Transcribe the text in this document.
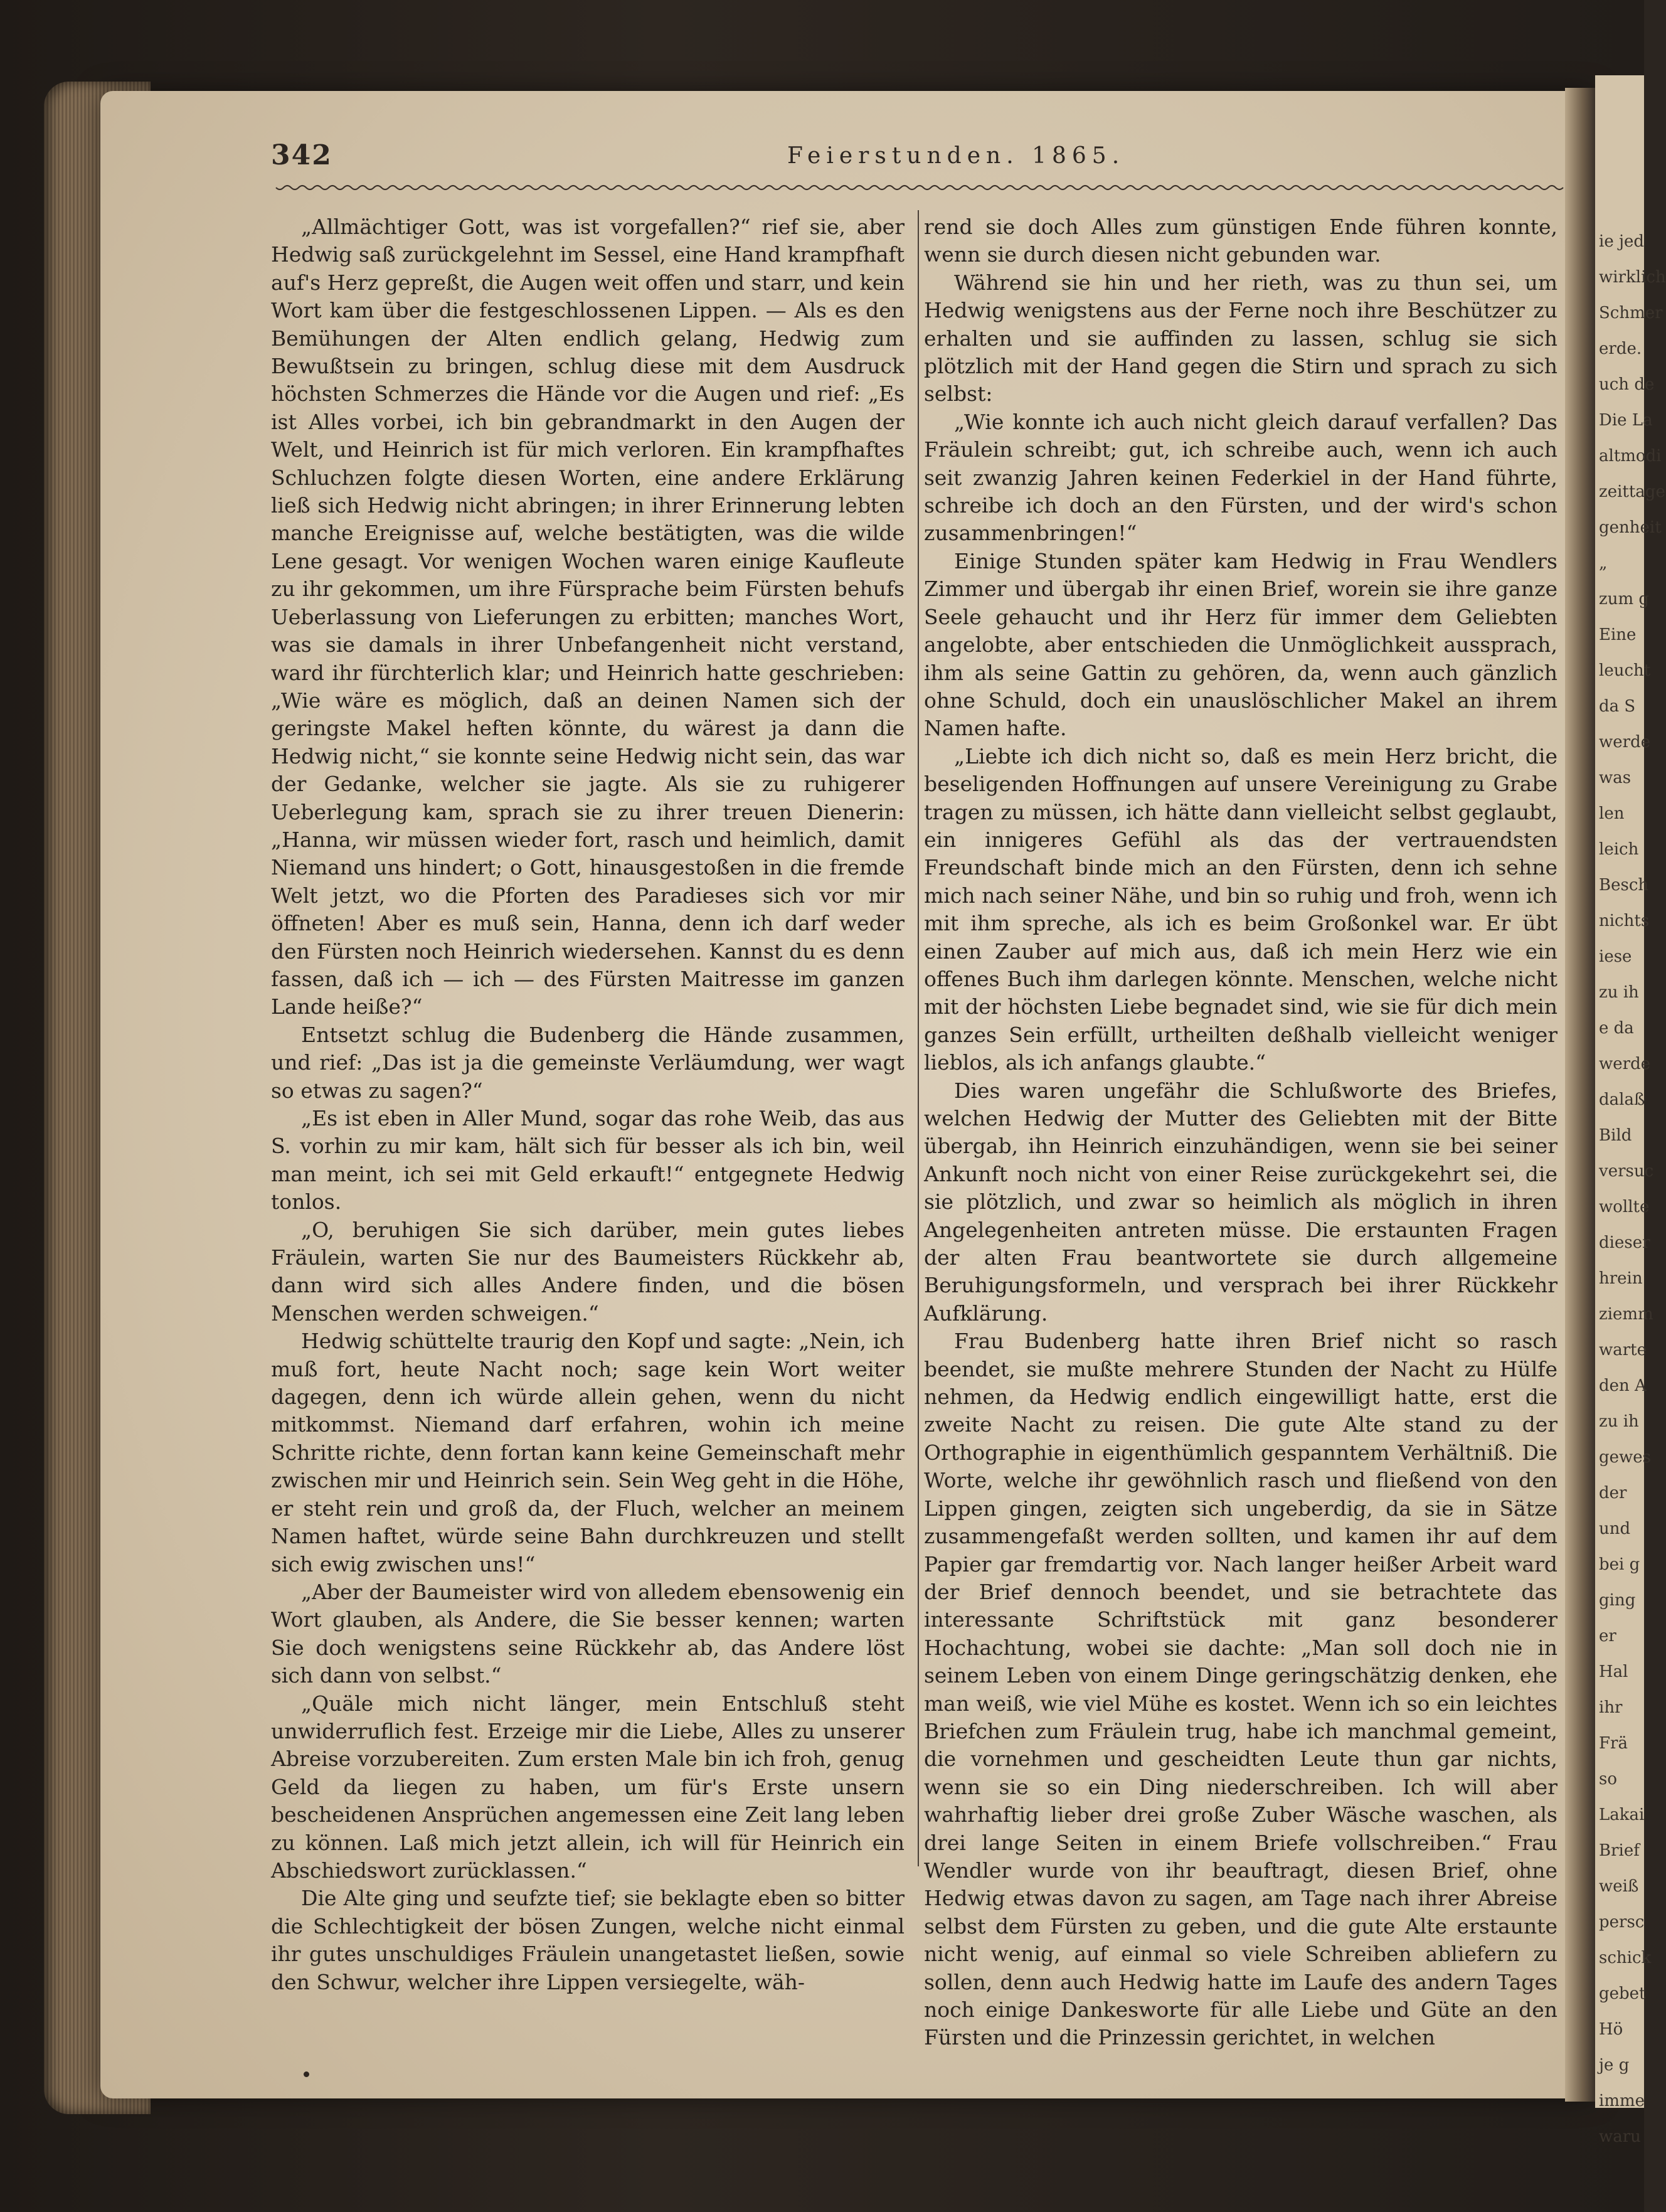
ie jed
wirklich
Schmer
erde.
uch de
Die La
altmodi
zeittage
genheit
„
zum g
Eine
leucht
da S
werde
was
len
leich
Besch
nichts
iese
zu ih
e da
werde
dalaß
Bild
versuc
wollte
dieser
hrein
ziemm
warte
den A
zu ih
gewes
der
und
bei g
ging
er
Hal
ihr
Frä
so
Lakai
Brief
weiß
persc
schick
gebet
Hö
je g
imme
waru
342	Feierstunden. 1865.

„Allmächtiger Gott, was ist vorgefallen?“ rief sie, aber Hedwig saß zurückgelehnt im Sessel, eine Hand krampfhaft auf's Herz gepreßt, die Augen weit offen und starr, und kein Wort kam über die festgeschlossenen Lippen. — Als es den Bemühungen der Alten endlich gelang, Hedwig zum Bewußtsein zu bringen, schlug diese mit dem Ausdruck höchsten Schmerzes die Hände vor die Augen und rief: „Es ist Alles vorbei, ich bin gebrandmarkt in den Augen der Welt, und Heinrich ist für mich verloren. Ein krampfhaftes Schluchzen folgte diesen Worten, eine andere Erklärung ließ sich Hedwig nicht abringen; in ihrer Erinnerung lebten manche Ereignisse auf, welche bestätigten, was die wilde Lene gesagt. Vor wenigen Wochen waren einige Kaufleute zu ihr gekommen, um ihre Fürsprache beim Fürsten behufs Ueberlassung von Lieferungen zu erbitten; manches Wort, was sie damals in ihrer Unbefangenheit nicht verstand, ward ihr fürchterlich klar; und Heinrich hatte geschrieben: „Wie wäre es möglich, daß an deinen Namen sich der geringste Makel heften könnte, du wärest ja dann die Hedwig nicht,“ sie konnte seine Hedwig nicht sein, das war der Gedanke, welcher sie jagte. Als sie zu ruhigerer Ueberlegung kam, sprach sie zu ihrer treuen Dienerin: „Hanna, wir müssen wieder fort, rasch und heimlich, damit Niemand uns hindert; o Gott, hinausgestoßen in die fremde Welt jetzt, wo die Pforten des Paradieses sich vor mir öffneten! Aber es muß sein, Hanna, denn ich darf weder den Fürsten noch Heinrich wiedersehen. Kannst du es denn fassen, daß ich — ich — des Fürsten Maitresse im ganzen Lande heiße?“

Entsetzt schlug die Budenberg die Hände zusammen, und rief: „Das ist ja die gemeinste Verläumdung, wer wagt so etwas zu sagen?“

„Es ist eben in Aller Mund, sogar das rohe Weib, das aus S. vorhin zu mir kam, hält sich für besser als ich bin, weil man meint, ich sei mit Geld erkauft!“ entgegnete Hedwig tonlos.

„O, beruhigen Sie sich darüber, mein gutes liebes Fräulein, warten Sie nur des Baumeisters Rückkehr ab, dann wird sich alles Andere finden, und die bösen Menschen werden schweigen.“

Hedwig schüttelte traurig den Kopf und sagte: „Nein, ich muß fort, heute Nacht noch; sage kein Wort weiter dagegen, denn ich würde allein gehen, wenn du nicht mitkommst. Niemand darf erfahren, wohin ich meine Schritte richte, denn fortan kann keine Gemeinschaft mehr zwischen mir und Heinrich sein. Sein Weg geht in die Höhe, er steht rein und groß da, der Fluch, welcher an meinem Namen haftet, würde seine Bahn durchkreuzen und stellt sich ewig zwischen uns!“

„Aber der Baumeister wird von alledem ebensowenig ein Wort glauben, als Andere, die Sie besser kennen; warten Sie doch wenigstens seine Rückkehr ab, das Andere löst sich dann von selbst.“

„Quäle mich nicht länger, mein Entschluß steht unwiderruflich fest. Erzeige mir die Liebe, Alles zu unserer Abreise vorzubereiten. Zum ersten Male bin ich froh, genug Geld da liegen zu haben, um für's Erste unsern bescheidenen Ansprüchen angemessen eine Zeit lang leben zu können. Laß mich jetzt allein, ich will für Heinrich ein Abschiedswort zurücklassen.“

Die Alte ging und seufzte tief; sie beklagte eben so bitter die Schlechtigkeit der bösen Zungen, welche nicht einmal ihr gutes unschuldiges Fräulein unangetastet ließen, sowie den Schwur, welcher ihre Lippen versiegelte, wäh-

rend sie doch Alles zum günstigen Ende führen konnte, wenn sie durch diesen nicht gebunden war.

Während sie hin und her rieth, was zu thun sei, um Hedwig wenigstens aus der Ferne noch ihre Beschützer zu erhalten und sie auffinden zu lassen, schlug sie sich plötzlich mit der Hand gegen die Stirn und sprach zu sich selbst:

„Wie konnte ich auch nicht gleich darauf verfallen? Das Fräulein schreibt; gut, ich schreibe auch, wenn ich auch seit zwanzig Jahren keinen Federkiel in der Hand führte, schreibe ich doch an den Fürsten, und der wird's schon zusammenbringen!“

Einige Stunden später kam Hedwig in Frau Wendlers Zimmer und übergab ihr einen Brief, worein sie ihre ganze Seele gehaucht und ihr Herz für immer dem Geliebten angelobte, aber entschieden die Unmöglichkeit aussprach, ihm als seine Gattin zu gehören, da, wenn auch gänzlich ohne Schuld, doch ein unauslöschlicher Makel an ihrem Namen hafte.

„Liebte ich dich nicht so, daß es mein Herz bricht, die beseligenden Hoffnungen auf unsere Vereinigung zu Grabe tragen zu müssen, ich hätte dann vielleicht selbst geglaubt, ein innigeres Gefühl als das der vertrauendsten Freundschaft binde mich an den Fürsten, denn ich sehne mich nach seiner Nähe, und bin so ruhig und froh, wenn ich mit ihm spreche, als ich es beim Großonkel war. Er übt einen Zauber auf mich aus, daß ich mein Herz wie ein offenes Buch ihm darlegen könnte. Menschen, welche nicht mit der höchsten Liebe begnadet sind, wie sie für dich mein ganzes Sein erfüllt, urtheilten deßhalb vielleicht weniger lieblos, als ich anfangs glaubte.“

Dies waren ungefähr die Schlußworte des Briefes, welchen Hedwig der Mutter des Geliebten mit der Bitte übergab, ihn Heinrich einzuhändigen, wenn sie bei seiner Ankunft noch nicht von einer Reise zurückgekehrt sei, die sie plötzlich, und zwar so heimlich als möglich in ihren Angelegenheiten antreten müsse. Die erstaunten Fragen der alten Frau beantwortete sie durch allgemeine Beruhigungsformeln, und versprach bei ihrer Rückkehr Aufklärung.

Frau Budenberg hatte ihren Brief nicht so rasch beendet, sie mußte mehrere Stunden der Nacht zu Hülfe nehmen, da Hedwig endlich eingewilligt hatte, erst die zweite Nacht zu reisen. Die gute Alte stand zu der Orthographie in eigenthümlich gespanntem Verhältniß. Die Worte, welche ihr gewöhnlich rasch und fließend von den Lippen gingen, zeigten sich ungeberdig, da sie in Sätze zusammengefaßt werden sollten, und kamen ihr auf dem Papier gar fremdartig vor. Nach langer heißer Arbeit ward der Brief dennoch beendet, und sie betrachtete das interessante Schriftstück mit ganz besonderer Hochachtung, wobei sie dachte: „Man soll doch nie in seinem Leben von einem Dinge geringschätzig denken, ehe man weiß, wie viel Mühe es kostet. Wenn ich so ein leichtes Briefchen zum Fräulein trug, habe ich manchmal gemeint, die vornehmen und gescheidten Leute thun gar nichts, wenn sie so ein Ding niederschreiben. Ich will aber wahrhaftig lieber drei große Zuber Wäsche waschen, als drei lange Seiten in einem Briefe vollschreiben.“ Frau Wendler wurde von ihr beauftragt, diesen Brief, ohne Hedwig etwas davon zu sagen, am Tage nach ihrer Abreise selbst dem Fürsten zu geben, und die gute Alte erstaunte nicht wenig, auf einmal so viele Schreiben abliefern zu sollen, denn auch Hedwig hatte im Laufe des andern Tages noch einige Dankesworte für alle Liebe und Güte an den Fürsten und die Prinzessin gerichtet, in welchen
